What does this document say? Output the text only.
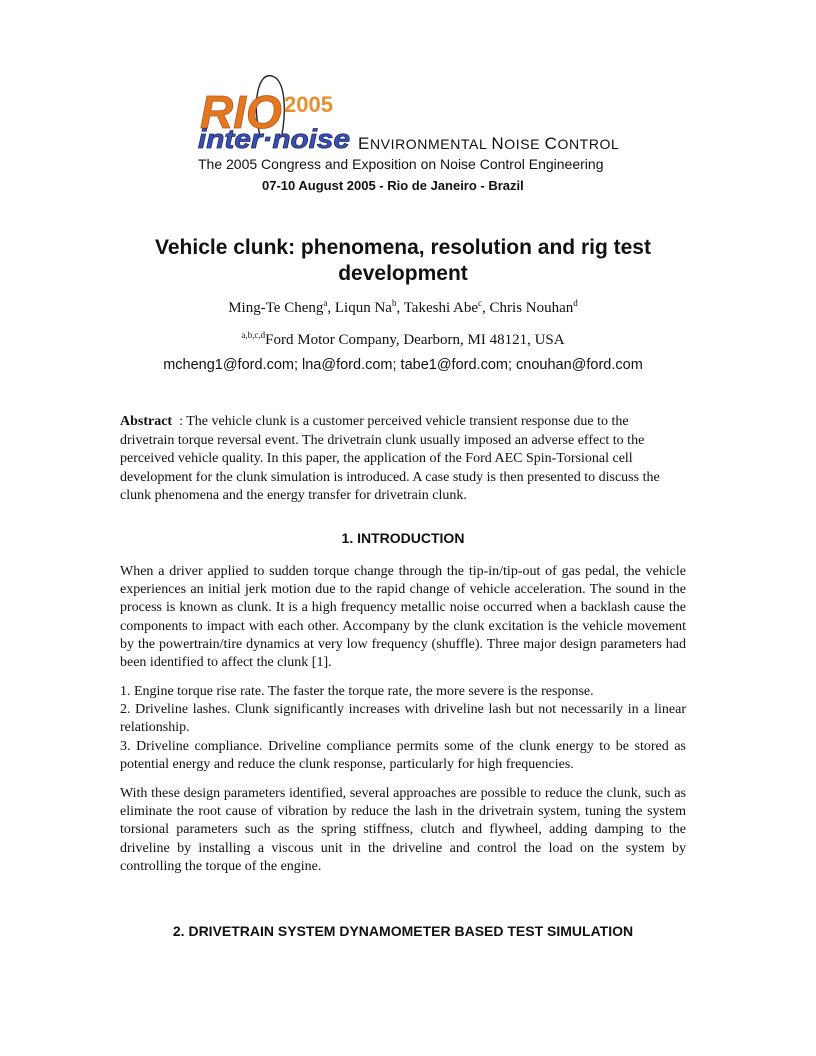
RIO 2005
inter·noise ENVIRONMENTAL NOISE CONTROL
The 2005 Congress and Exposition on Noise Control Engineering
07-10 August 2005 - Rio de Janeiro - Brazil
Vehicle clunk: phenomena, resolution and rig test development
Ming-Te Cheng$^a$, Liqun Na$^b$, Takeshi Abe$^c$, Chris Nouhan$^d$
$^{a,b,c,d}$Ford Motor Company, Dearborn, MI 48121, USA
mcheng1@ford.com; lna@ford.com; tabe1@ford.com; cnouhan@ford.com
Abstract  : The vehicle clunk is a customer perceived vehicle transient response due to the drivetrain torque reversal event. The drivetrain clunk usually imposed an adverse effect to the perceived vehicle quality. In this paper, the application of the Ford AEC Spin-Torsional cell development for the clunk simulation is introduced. A case study is then presented to discuss the clunk phenomena and the energy transfer for drivetrain clunk.
1. INTRODUCTION
When a driver applied to sudden torque change through the tip-in/tip-out of gas pedal, the vehicle experiences an initial jerk motion due to the rapid change of vehicle acceleration. The sound in the process is known as clunk. It is a high frequency metallic noise occurred when a backlash cause the components to impact with each other. Accompany by the clunk excitation is the vehicle movement by the powertrain/tire dynamics at very low frequency (shuffle). Three major design parameters had been identified to affect the clunk [1].
1. Engine torque rise rate. The faster the torque rate, the more severe is the response.
2. Driveline lashes. Clunk significantly increases with driveline lash but not necessarily in a linear relationship.
3. Driveline compliance. Driveline compliance permits some of the clunk energy to be stored as potential energy and reduce the clunk response, particularly for high frequencies.
With these design parameters identified, several approaches are possible to reduce the clunk, such as eliminate the root cause of vibration by reduce the lash in the drivetrain system, tuning the system torsional parameters such as the spring stiffness, clutch and flywheel, adding damping to the driveline by installing a viscous unit in the driveline and control the load on the system by controlling the torque of the engine.
2. DRIVETRAIN SYSTEM DYNAMOMETER BASED TEST SIMULATION
